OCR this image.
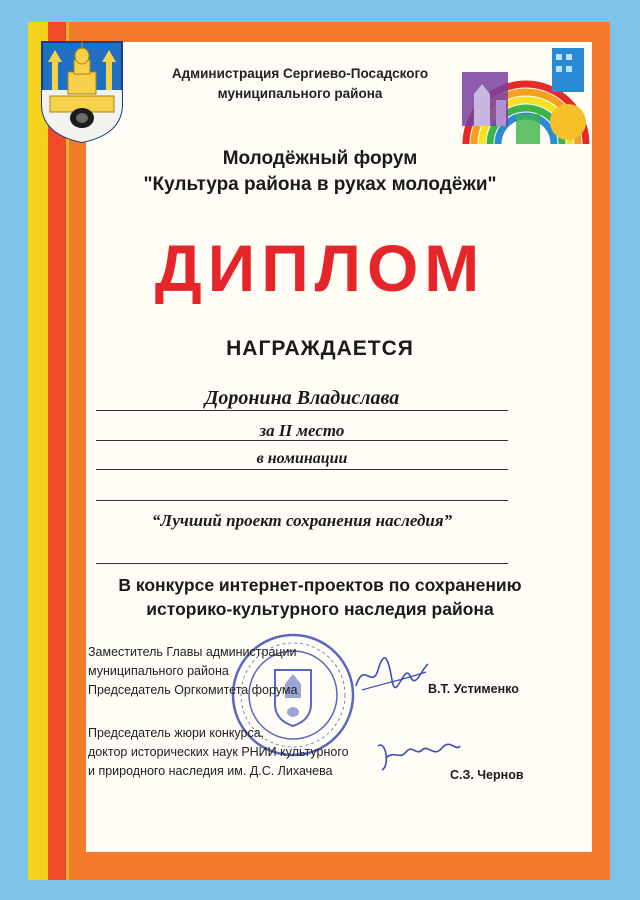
Администрация Сергиево-Посадского
муниципального района
Молодёжный форум
"Культура района в руках молодёжи"
ДИПЛОМ
НАГРАЖДАЕТСЯ
Доронина Владислава
за II место
в номинации
“Лучший проект сохранения наследия”
В конкурсе интернет-проектов по сохранению
историко-культурного наследия района
Заместитель Главы администрации
муниципального района
Председатель Оргкомитета форума	В.Т. Устименко
Председатель жюри конкурса,
доктор исторических наук РНИИ культурного
и природного наследия им. Д.С. Лихачева	С.З. Чернов
